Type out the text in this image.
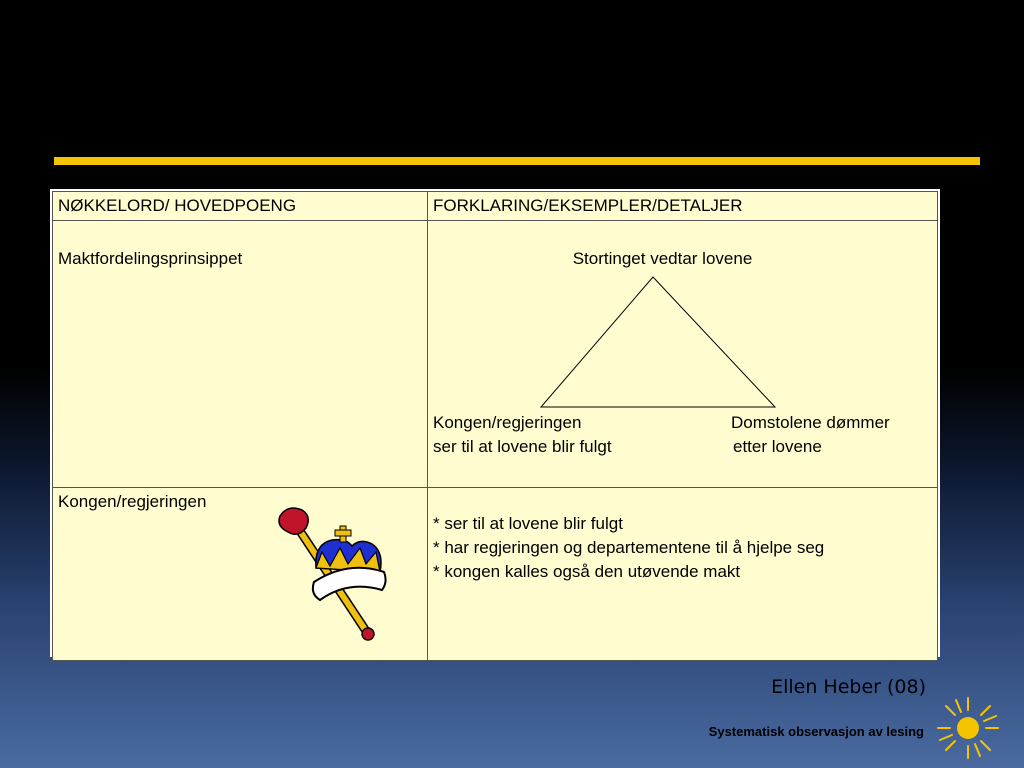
NØKKELORD/ HOVEDPOENG	FORKLARING/EKSEMPLER/DETALJER

Maktfordelingsprinsippet	Stortinget vedtar lovene
Kongen/regjeringen
ser til at lovene blir fulgt
Domstolene dømmer
etter lovene

Kongen/regjeringen	* ser til at lovene blir fulgt
* har regjeringen og departementene til å hjelpe seg
* kongen kalles også den utøvende makt
Ellen Heber (08)
Systematisk observasjon av lesing
